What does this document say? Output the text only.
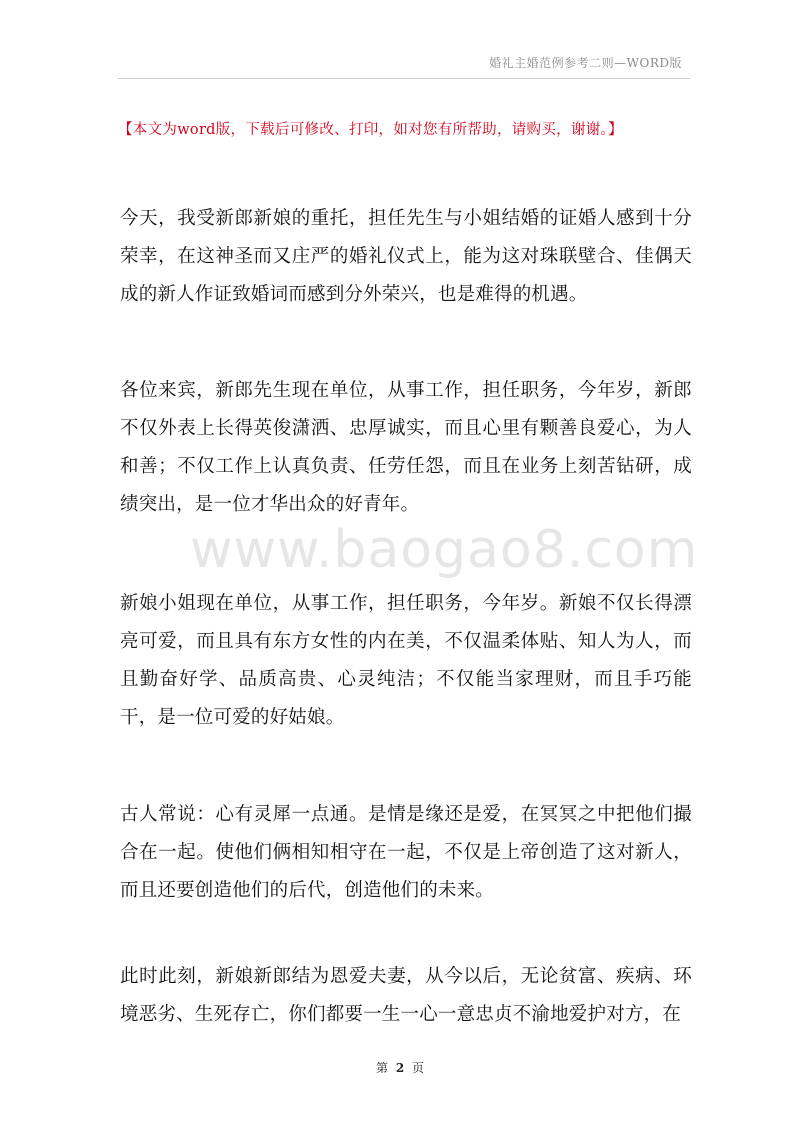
婚礼主婚范例参考二则—WORD版
【本文为word版，下载后可修改、打印，如对您有所帮助，请购买，谢谢。】
www.baogao8.com

今天，我受新郎新娘的重托，担任先生与小姐结婚的证婚人感到十分荣幸，在这神圣而又庄严的婚礼仪式上，能为这对珠联壁合、佳偶天成的新人作证致婚词而感到分外荣兴，也是难得的机遇。

各位来宾，新郎先生现在单位，从事工作，担任职务，今年岁，新郎不仅外表上长得英俊潇洒、忠厚诚实，而且心里有颗善良爱心，为人和善；不仅工作上认真负责、任劳任怨，而且在业务上刻苦钻研，成绩突出，是一位才华出众的好青年。

新娘小姐现在单位，从事工作，担任职务，今年岁。新娘不仅长得漂亮可爱，而且具有东方女性的内在美，不仅温柔体贴、知人为人，而且勤奋好学、品质高贵、心灵纯洁；不仅能当家理财，而且手巧能干，是一位可爱的好姑娘。

古人常说：心有灵犀一点通。是情是缘还是爱，在冥冥之中把他们撮合在一起。使他们俩相知相守在一起，不仅是上帝创造了这对新人，而且还要创造他们的后代，创造他们的未来。

此时此刻，新娘新郎结为恩爱夫妻，从今以后，无论贫富、疾病、环境恶劣、生死存亡，你们都要一生一心一意忠贞不渝地爱护对方，在

第 2 页
